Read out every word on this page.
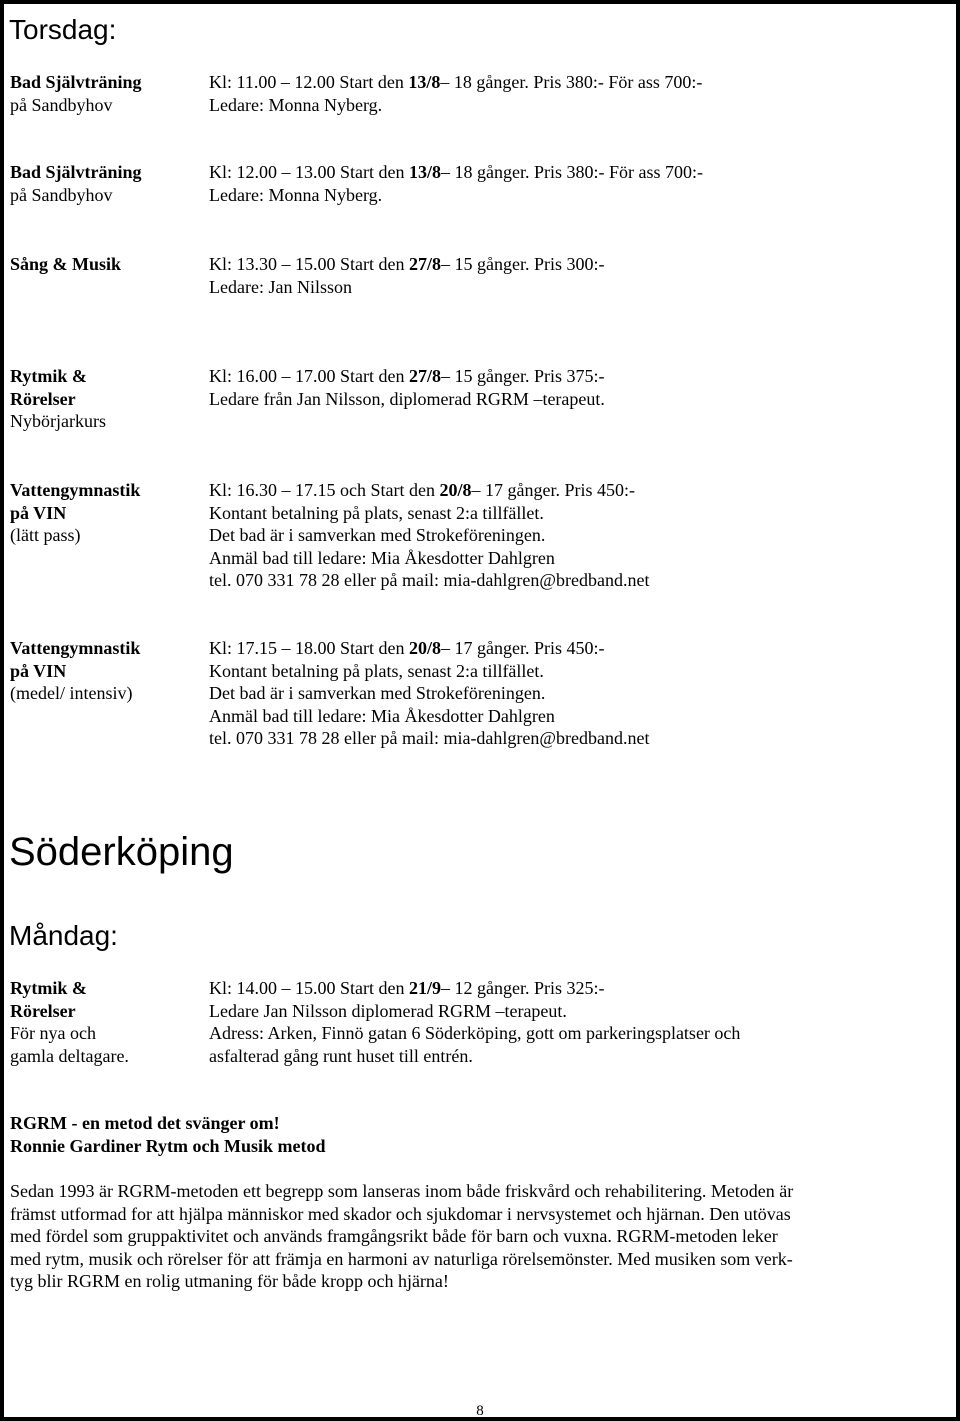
Torsdag:
Bad Självträning
på Sandbyhov
Kl: 11.00 – 12.00 Start den 13/8– 18 gånger. Pris 380:- För ass 700:-
Ledare: Monna Nyberg.
Bad Självträning
på Sandbyhov
Kl: 12.00 – 13.00 Start den 13/8– 18 gånger. Pris 380:- För ass 700:-
Ledare: Monna Nyberg.
Sång & Musik	Kl: 13.30 – 15.00 Start den 27/8– 15 gånger. Pris 300:-
Ledare: Jan Nilsson
Rytmik &
Rörelser
Nybörjarkurs
Kl: 16.00 – 17.00 Start den 27/8– 15 gånger. Pris 375:-
Ledare från Jan Nilsson, diplomerad RGRM –terapeut.
Vattengymnastik
på VIN
(lätt pass)
Kl: 16.30 – 17.15 och Start den 20/8– 17 gånger. Pris 450:-
Kontant betalning på plats, senast 2:a tillfället.
Det bad är i samverkan med Strokeföreningen.
Anmäl bad till ledare: Mia Åkesdotter Dahlgren
tel. 070 331 78 28 eller på mail: mia-dahlgren@bredband.net
Vattengymnastik
på VIN
(medel/ intensiv)
Kl: 17.15 – 18.00 Start den 20/8– 17 gånger. Pris 450:-
Kontant betalning på plats, senast 2:a tillfället.
Det bad är i samverkan med Strokeföreningen.
Anmäl bad till ledare: Mia Åkesdotter Dahlgren
tel. 070 331 78 28 eller på mail: mia-dahlgren@bredband.net
Söderköping
Måndag:
Rytmik &
Rörelser
För nya och
gamla deltagare.
Kl: 14.00 – 15.00 Start den 21/9– 12 gånger. Pris 325:-
Ledare Jan Nilsson diplomerad RGRM –terapeut.
Adress: Arken, Finnö gatan 6 Söderköping, gott om parkeringsplatser och
asfalterad gång runt huset till entrén.
RGRM - en metod det svänger om!
Ronnie Gardiner Rytm och Musik metod
Sedan 1993 är RGRM-metoden ett begrepp som lanseras inom både friskvård och rehabilitering. Metoden är
främst utformad for att hjälpa människor med skador och sjukdomar i nervsystemet och hjärnan. Den utövas
med fördel som gruppaktivitet och används framgångsrikt både för barn och vuxna. RGRM-metoden leker
med rytm, musik och rörelser för att främja en harmoni av naturliga rörelsemönster. Med musiken som verk-
tyg blir RGRM en rolig utmaning för både kropp och hjärna!
8
